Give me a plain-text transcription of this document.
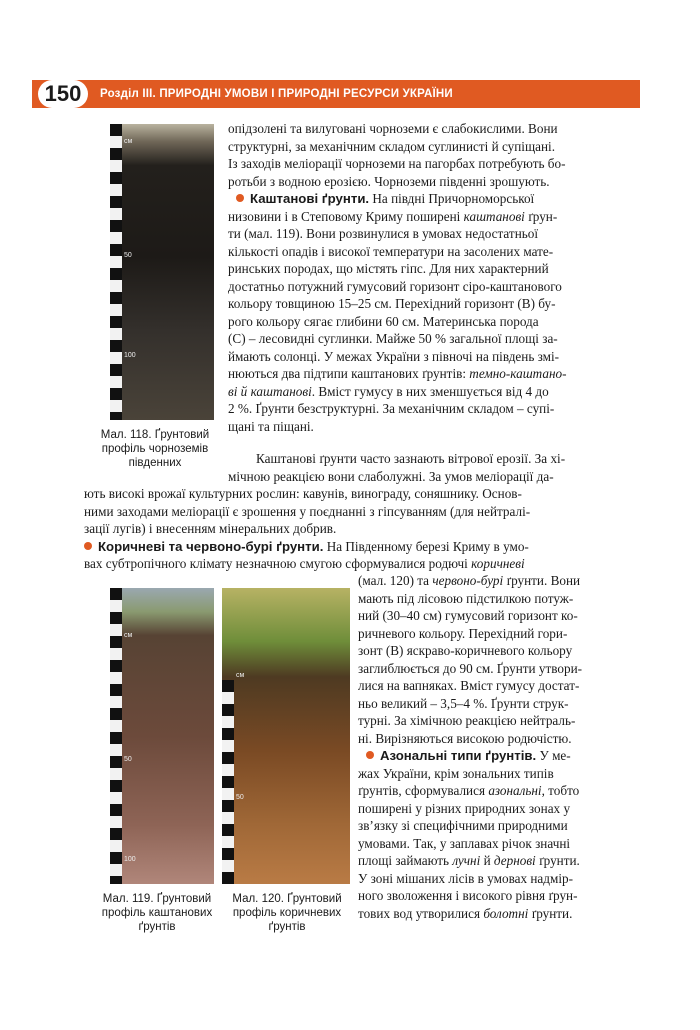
150	Розділ III. ПРИРОДНІ УМОВИ І ПРИРОДНІ РЕСУРСИ УКРАЇНИ
см
50
100
Мал. 118. Ґрунтовий
профіль чорноземів
південних
см
50
100
Мал. 119. Ґрунтовий
профіль каштанових
ґрунтів
см
50
Мал. 120. Ґрунтовий
профіль коричневих
ґрунтів
опідзолені та вилуговані чорноземи є слабокислими. Вони
структурні, за механічним складом суглинисті й супіщані.
Із заходів меліорації чорноземи на пагорбах потребують бо-
ротьби з водною ерозією. Чорноземи південні зрошують.
Каштанові ґрунти. На півдні Причорноморської
низовини і в Степовому Криму поширені каштанові ґрун-
ти (мал. 119). Вони розвинулися в умовах недостатньої
кількості опадів і високої температури на засолених мате-
ринських породах, що містять гіпс. Для них характерний
достатньо потужний гумусовий горизонт сіро-каштанового
кольору товщиною 15–25 см. Перехідний горизонт (В) бу-
рого кольору сягає глибини 60 см. Материнська порода
(С) – лесовидні суглинки. Майже 50 % загальної площі за-
ймають солонці. У межах України з півночі на південь змі-
нюються два підтипи каштанових ґрунтів: темно-каштано-
ві й каштанові. Вміст гумусу в них зменшується від 4 до
2 %. Ґрунти безструктурні. За механічним складом – супі-
щані та піщані.
Каштанові ґрунти часто зазнають вітрової ерозії. За хі-
мічною реакцією вони слаболужні. За умов меліорації да-
ють високі врожаї культурних рослин: кавунів, винограду, соняшнику. Основ-
ними заходами меліорації є зрошення у поєднанні з гіпсуванням (для нейтралі-
зації лугів) і внесенням мінеральних добрив.
Коричневі та червоно-бурі ґрунти. На Південному березі Криму в умо-
вах субтропічного клімату незначною смугою сформувалися родючі коричневі
(мал. 120) та червоно-бурі ґрунти. Вони
мають під лісовою підстилкою потуж-
ний (30–40 см) гумусовий горизонт ко-
ричневого кольору. Перехідний гори-
зонт (В) яскраво-коричневого кольору
заглиблюється до 90 см. Ґрунти утвори-
лися на вапняках. Вміст гумусу достат-
ньо великий – 3,5–4 %. Ґрунти струк-
турні. За хімічною реакцією нейтраль-
ні. Вирізняються високою родючістю.
Азональні типи ґрунтів. У ме-
жах України, крім зональних типів
ґрунтів, сформувалися азональні, тобто
поширені у різних природних зонах у
зв’язку зі специфічними природними
умовами. Так, у заплавах річок значні
площі займають лучні й дернові ґрунти.
У зоні мішаних лісів в умовах надмір-
ного зволоження і високого рівня ґрун-
тових вод утворилися болотні ґрунти.
